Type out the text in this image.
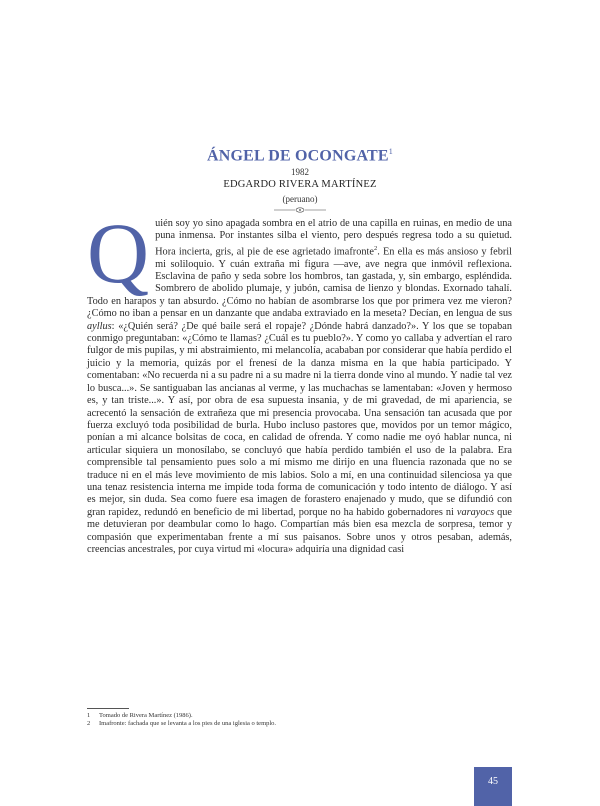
ÁNGEL DE OCONGATE$^1$
1982
EDGARDO RIVERA MARTÍNEZ
(peruano)
Q uién soy yo sino apagada sombra en el atrio de una capilla en ruinas, en medio de una puna inmensa. Por instantes silba el viento, pero después regresa todo a su quietud. Hora incierta, gris, al pie de ese agrietado imafronte$^2$. En ella es más ansioso y febril mi soliloquio. Y cuán extraña mi figura —ave, ave negra que inmóvil reflexiona. Esclavina de paño y seda sobre los hombros, tan gastada, y, sin embargo, espléndida. Sombrero de abolido plumaje, y jubón, camisa de lienzo y blondas. Exornado tahalí. Todo en harapos y tan absurdo. ¿Cómo no habían de asombrarse los que por primera vez me vieron? ¿Cómo no iban a pensar en un danzante que andaba extraviado en la meseta? Decían, en lengua de sus ayllus: «¿Quién será? ¿De qué baile será el ropaje? ¿Dónde habrá danzado?». Y los que se topaban conmigo preguntaban: «¿Cómo te llamas? ¿Cuál es tu pueblo?». Y como yo callaba y advertían el raro fulgor de mis pupilas, y mi abstraimiento, mi melancolía, acababan por considerar que había perdido el juicio y la memoria, quizás por el frenesí de la danza misma en la que había participado. Y comentaban: «No recuerda ni a su padre ni a su madre ni la tierra donde vino al mundo. Y nadie tal vez lo busca...». Se santiguaban las ancianas al verme, y las muchachas se lamentaban: «Joven y hermoso es, y tan triste...». Y así, por obra de esa supuesta insania, y de mi gravedad, de mi apariencia, se acrecentó la sensación de extrañeza que mi presencia provocaba. Una sensación tan acusada que por fuerza excluyó toda posibilidad de burla. Hubo incluso pastores que, movidos por un temor mágico, ponían a mi alcance bolsitas de coca, en calidad de ofrenda. Y como nadie me oyó hablar nunca, ni articular siquiera un monosílabo, se concluyó que había perdido también el uso de la palabra. Era comprensible tal pensamiento pues solo a mí mismo me dirijo en una fluencia razonada que no se traduce ni en el más leve movimiento de mis labios. Solo a mí, en una continuidad silenciosa ya que una tenaz resistencia interna me impide toda forma de comunicación y todo intento de diálogo. Y así es mejor, sin duda. Sea como fuere esa imagen de forastero enajenado y mudo, que se difundió con gran rapidez, redundó en beneficio de mi libertad, porque no ha habido gobernadores ni varayocs que me detuvieran por deambular como lo hago. Compartían más bien esa mezcla de sorpresa, temor y compasión que experimentaban frente a mí sus paisanos. Sobre unos y otros pesaban, además, creencias ancestrales, por cuya virtud mi «locura» adquiría una dignidad casi

1 Tomado de Rivera Martínez (1986).
2 Imafronte: fachada que se levanta a los pies de una iglesia o templo.
45
